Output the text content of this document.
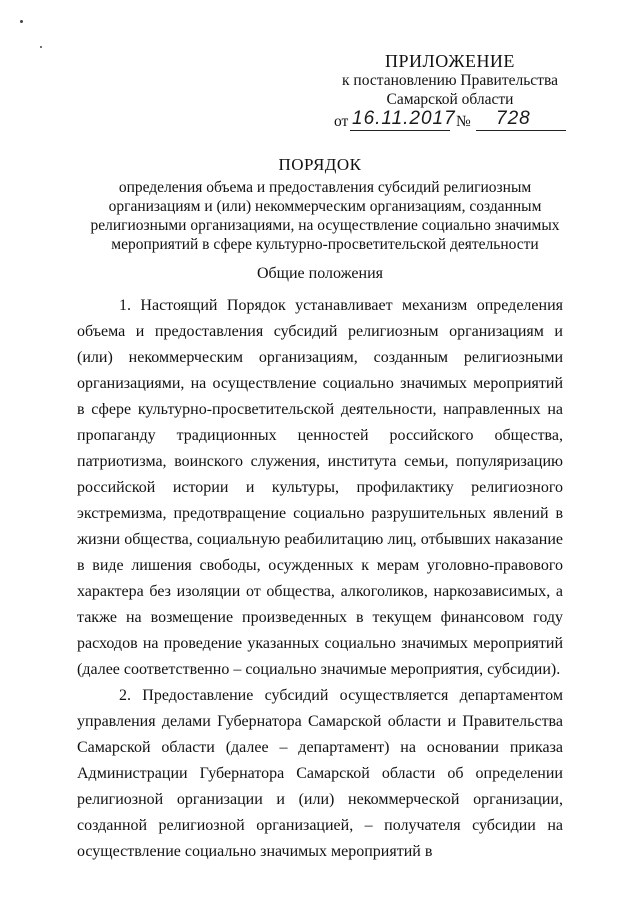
ПРИЛОЖЕНИЕ
к постановлению Правительства
Самарской области
от 16.11.2017 № 728
ПОРЯДОК
определения объема и предоставления субсидий религиозным организациям и (или) некоммерческим организациям, созданным религиозными организациями, на осуществление социально значимых мероприятий в сфере культурно-просветительской деятельности
Общие положения

1. Настоящий Порядок устанавливает механизм определения объема и предоставления субсидий религиозным организациям и (или) некоммерческим организациям, созданным религиозными организациями, на осуществление социально значимых мероприятий в сфере культурно-просветительской деятельности, направленных на пропаганду традиционных ценностей российского общества, патриотизма, воинского служения, института семьи, популяризацию российской истории и культуры, профилактику религиозного экстремизма, предотвращение социально разрушительных явлений в жизни общества, социальную реабилитацию лиц, отбывших наказание в виде лишения свободы, осужденных к мерам уголовно-правового характера без изоляции от общества, алкоголиков, наркозависимых, а также на возмещение произведенных в текущем финансовом году расходов на проведение указанных социально значимых мероприятий (далее соответственно – социально значимые мероприятия, субсидии).

2. Предоставление субсидий осуществляется департаментом управления делами Губернатора Самарской области и Правительства Самарской области (далее – департамент) на основании приказа Администрации Губернатора Самарской области об определении религиозной организации и (или) некоммерческой организации, созданной религиозной организацией, – получателя субсидии на осуществление социально значимых мероприятий в
